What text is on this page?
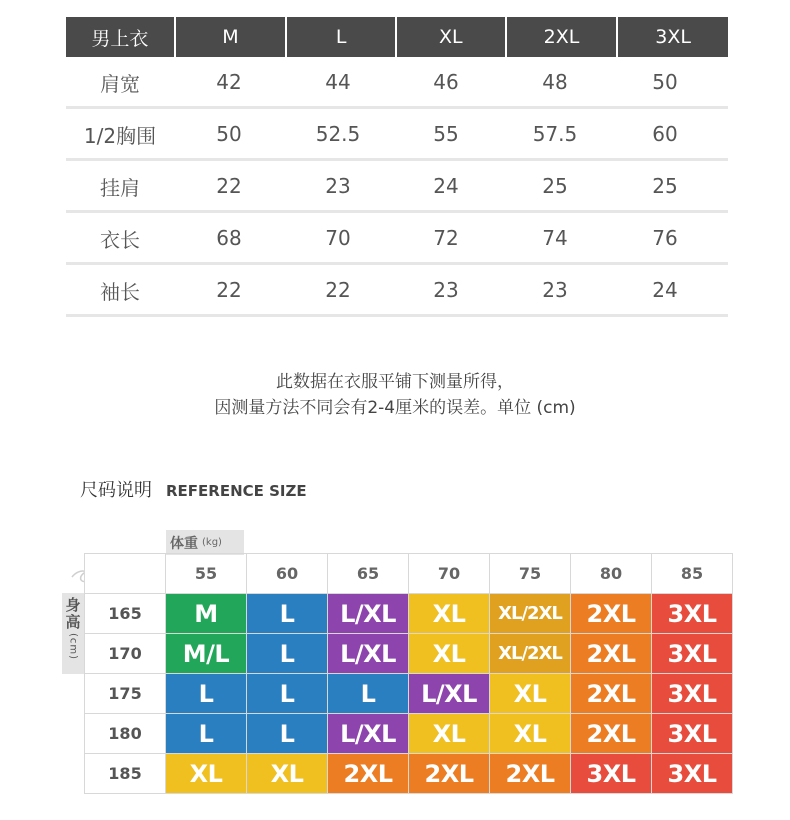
男上衣	M	L	XL	2XL	3XL
肩宽	42	44	46	48	50
1/2胸围	50	52.5	55	57.5	60
挂肩	22	23	24	25	25
衣长	68	70	72	74	76
袖长	22	22	23	23	24
此数据在衣服平铺下测量所得，
因测量方法不同会有2-4厘米的误差。单位 (cm)
尺码说明 REFERENCE SIZE
体重 (kg)
身
高
(cm)
55	60	65	70	75	80	85
165	M	L	L/XL	XL	XL/2XL	2XL	3XL
170	M/L	L	L/XL	XL	XL/2XL	2XL	3XL
175	L	L	L	L/XL	XL	2XL	3XL
180	L	L	L/XL	XL	XL	2XL	3XL
185	XL	XL	2XL	2XL	2XL	3XL	3XL
